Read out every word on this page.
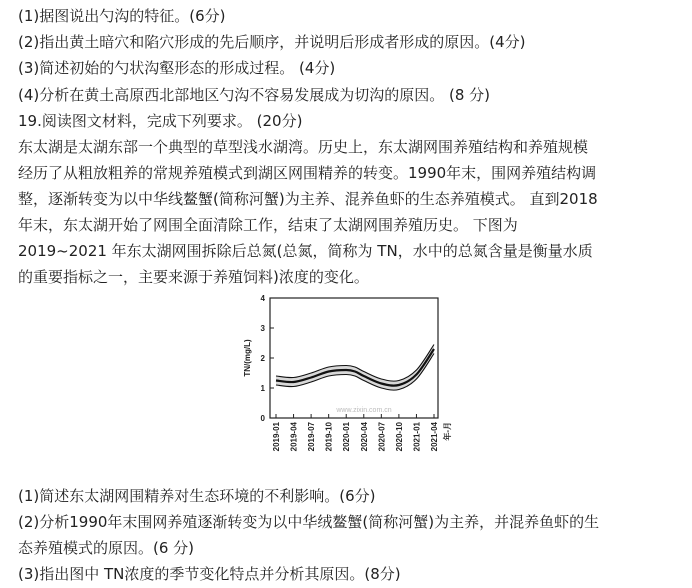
(1)据图说出勺沟的特征。(6分)
(2)指出黄土暗穴和陷穴形成的先后顺序，并说明后形成者形成的原因。(4分)
(3)简述初始的勺状沟壑形态的形成过程。 (4分)
(4)分析在黄土高原西北部地区勺沟不容易发展成为切沟的原因。 (8 分)
19.阅读图文材料，完成下列要求。 (20分)
东太湖是太湖东部一个典型的草型浅水湖湾。历史上，东太湖网围养殖结构和养殖规模
经历了从粗放粗养的常规养殖模式到湖区网围精养的转变。1990年末，围网养殖结构调
整，逐渐转变为以中华线鳌蟹(简称河蟹)为主养、混养鱼虾的生态养殖模式。 直到2018
年末，东太湖开始了网围全面清除工作，结束了太湖网围养殖历史。 下图为
2019~2021 年东太湖网围拆除后总氮(总氮，简称为 TN，水中的总氮含量是衡量水质
的重要指标之一，主要来源于养殖饲料)浓度的变化。
0
1
2
3
4
TN/(mg/L)
2019-01 2019-04 2019-07 2019-10 2020-01 2020-04 2020-07 2020-10 2021-01 2021-04 年-月
www.zixin.com.cn
(1)简述东太湖网围精养对生态环境的不利影响。(6分)
(2)分析1990年末围网养殖逐渐转变为以中华绒鳌蟹(简称河蟹)为主养，并混养鱼虾的生
态养殖模式的原因。(6 分)
(3)指出图中 TN浓度的季节变化特点并分析其原因。(8分)
